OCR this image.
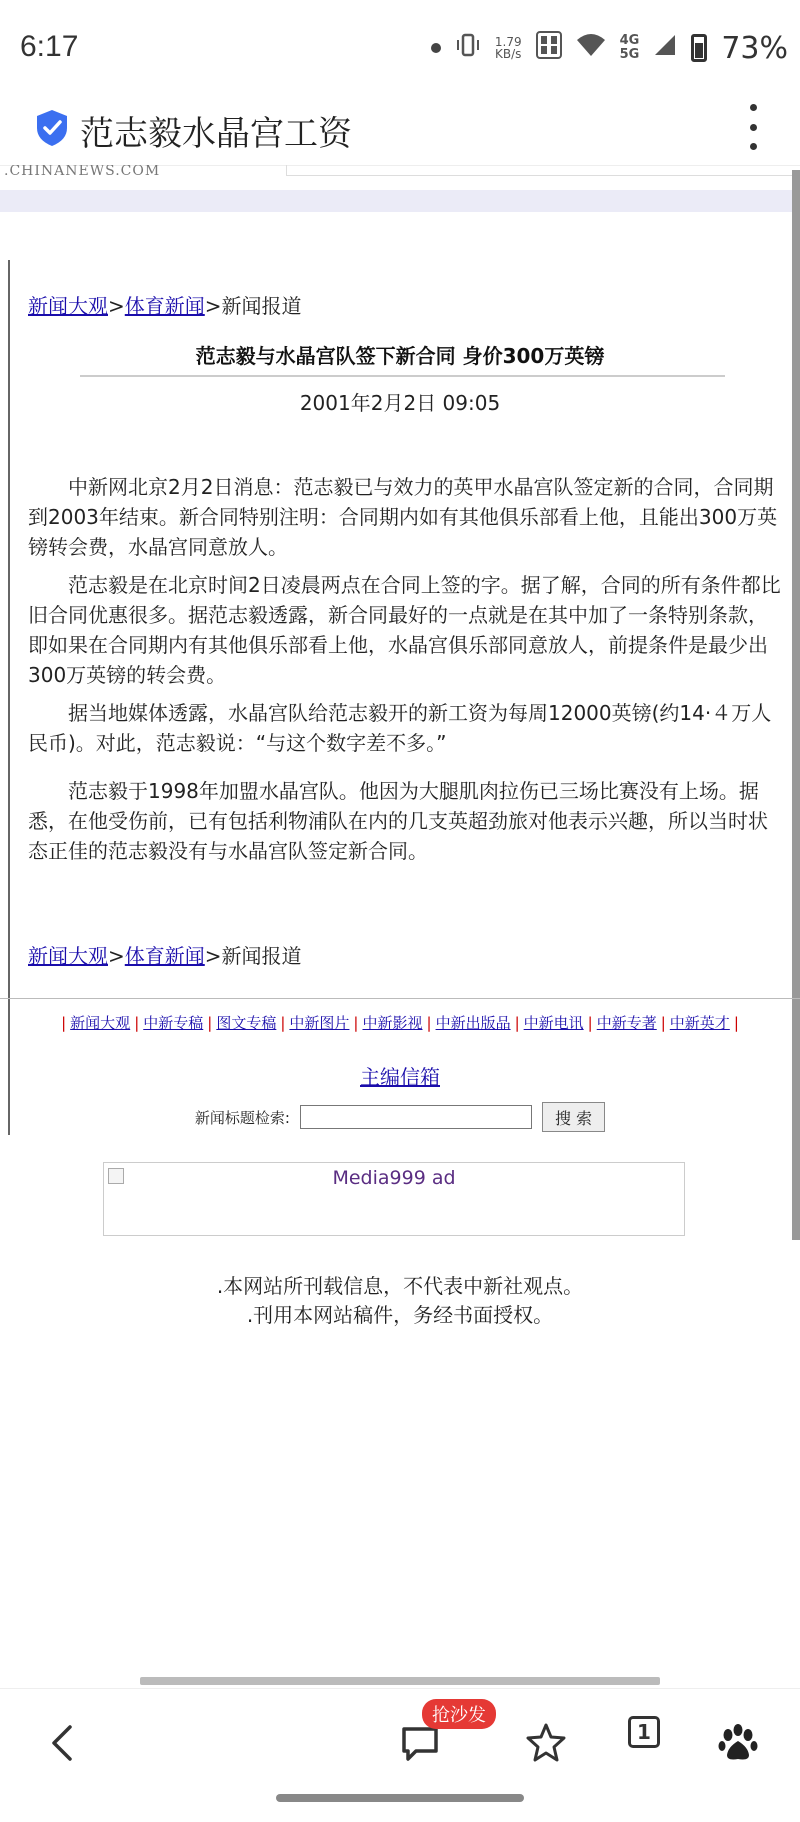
6:17	1.79
KB/s
4G
5G	73%
范志毅水晶宫工资
.CHINANEWS.COM
新闻大观>体育新闻>新闻报道
范志毅与水晶宫队签下新合同 身价300万英镑
2001年2月2日 09:05

中新网北京2月2日消息：范志毅已与效力的英甲水晶宫队签定新的合同，合同期到2003年结束。新合同特别注明：合同期内如有其他俱乐部看上他，且能出300万英镑转会费，水晶宫同意放人。

范志毅是在北京时间2日凌晨两点在合同上签的字。据了解，合同的所有条件都比旧合同优惠很多。据范志毅透露，新合同最好的一点就是在其中加了一条特别条款，即如果在合同期内有其他俱乐部看上他，水晶宫俱乐部同意放人，前提条件是最少出300万英镑的转会费。

据当地媒体透露，水晶宫队给范志毅开的新工资为每周12000英镑(约14·４万人民币)。对此，范志毅说：“与这个数字差不多。”

范志毅于1998年加盟水晶宫队。他因为大腿肌肉拉伤已三场比赛没有上场。据悉，在他受伤前，已有包括利物浦队在内的几支英超劲旅对他表示兴趣，所以当时状态正佳的范志毅没有与水晶宫队签定新合同。

新闻大观>体育新闻>新闻报道
| 新闻大观 | 中新专稿 | 图文专稿 | 中新图片 | 中新影视 | 中新出版品 | 中新电讯 | 中新专著 | 中新英才 |
主编信箱
新闻标题检索:	搜 索
Media999 ad
.本网站所刊载信息，不代表中新社观点。
.刊用本网站稿件，务经书面授权。
抢沙发
1
